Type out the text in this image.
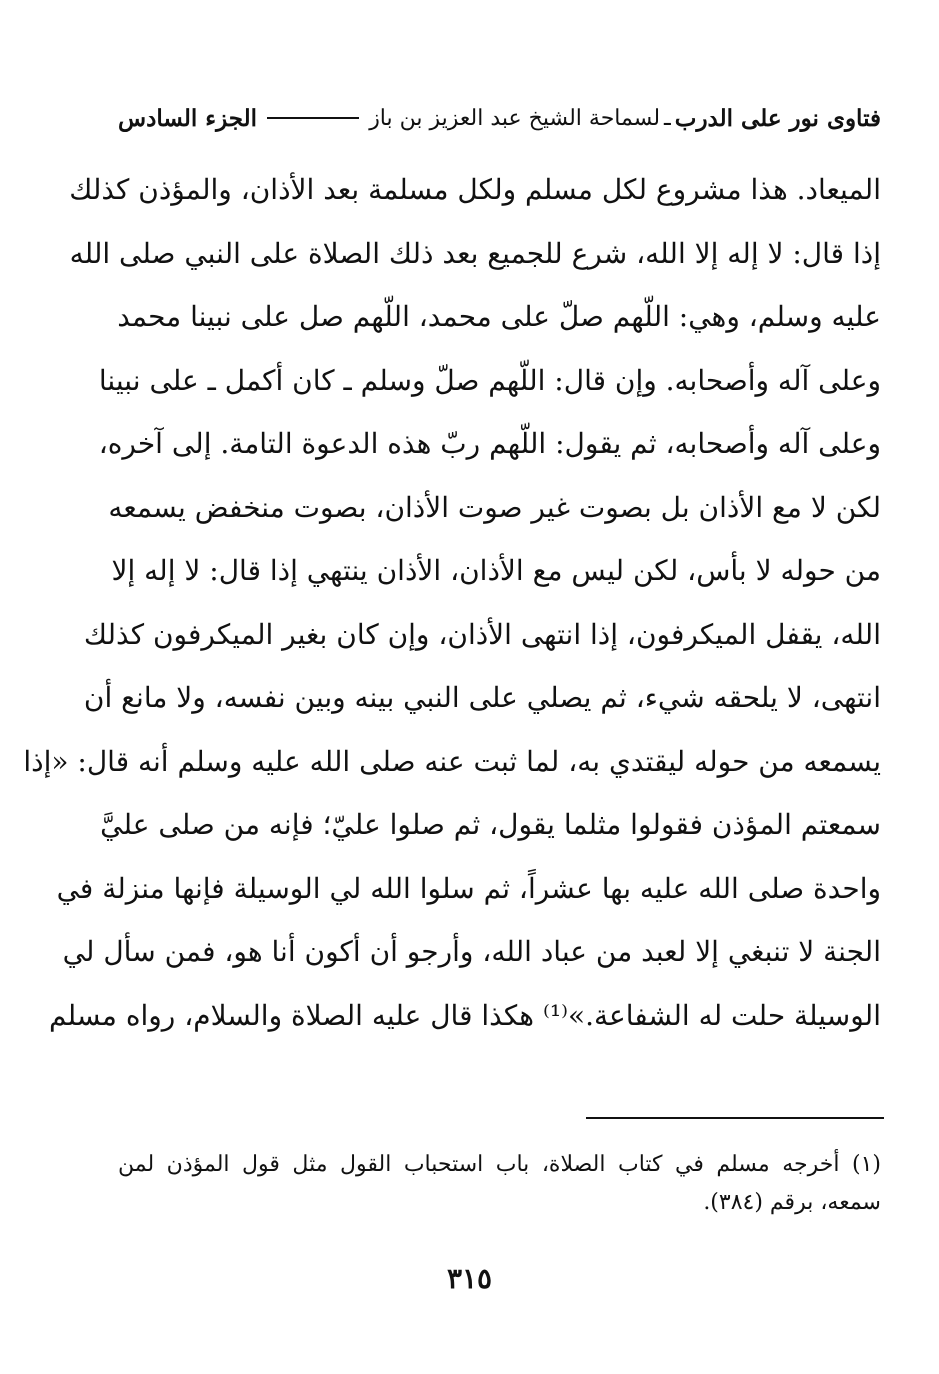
فتاوى نور على الدرب
ـ
لسماحة الشيخ عبد العزيز بن باز
الجزء السادس
الميعاد. هذا مشروع لكل مسلم ولكل مسلمة بعد الأذان، والمؤذن كذلك
إذا قال: لا إله إلا الله، شرع للجميع بعد ذلك الصلاة على النبي صلى الله
عليه وسلم، وهي: اللّهم صلّ على محمد، اللّهم صل على نبينا محمد
وعلى آله وأصحابه. وإن قال: اللّهم صلّ وسلم ـ كان أكمل ـ على نبينا
وعلى آله وأصحابه، ثم يقول: اللّهم ربّ هذه الدعوة التامة. إلى آخره،
لكن لا مع الأذان بل بصوت غير صوت الأذان، بصوت منخفض يسمعه
من حوله لا بأس، لكن ليس مع الأذان، الأذان ينتهي إذا قال: لا إله إلا
الله، يقفل الميكرفون، إذا انتهى الأذان، وإن كان بغير الميكرفون كذلك
انتهى، لا يلحقه شيء، ثم يصلي على النبي بينه وبين نفسه، ولا مانع أن
يسمعه من حوله ليقتدي به، لما ثبت عنه صلى الله عليه وسلم أنه قال: «إذا
سمعتم المؤذن فقولوا مثلما يقول، ثم صلوا عليّ؛ فإنه من صلى عليَّ
واحدة صلى الله عليه بها عشراً، ثم سلوا الله لي الوسيلة فإنها منزلة في
الجنة لا تنبغي إلا لعبد من عباد الله، وأرجو أن أكون أنا هو، فمن سأل لي
الوسيلة حلت له الشفاعة.»⁽¹⁾ هكذا قال عليه الصلاة والسلام، رواه مسلم
(١) أخرجه مسلم في كتاب الصلاة، باب استحباب القول مثل قول المؤذن لمن
سمعه، برقم (٣٨٤).
٣١٥
